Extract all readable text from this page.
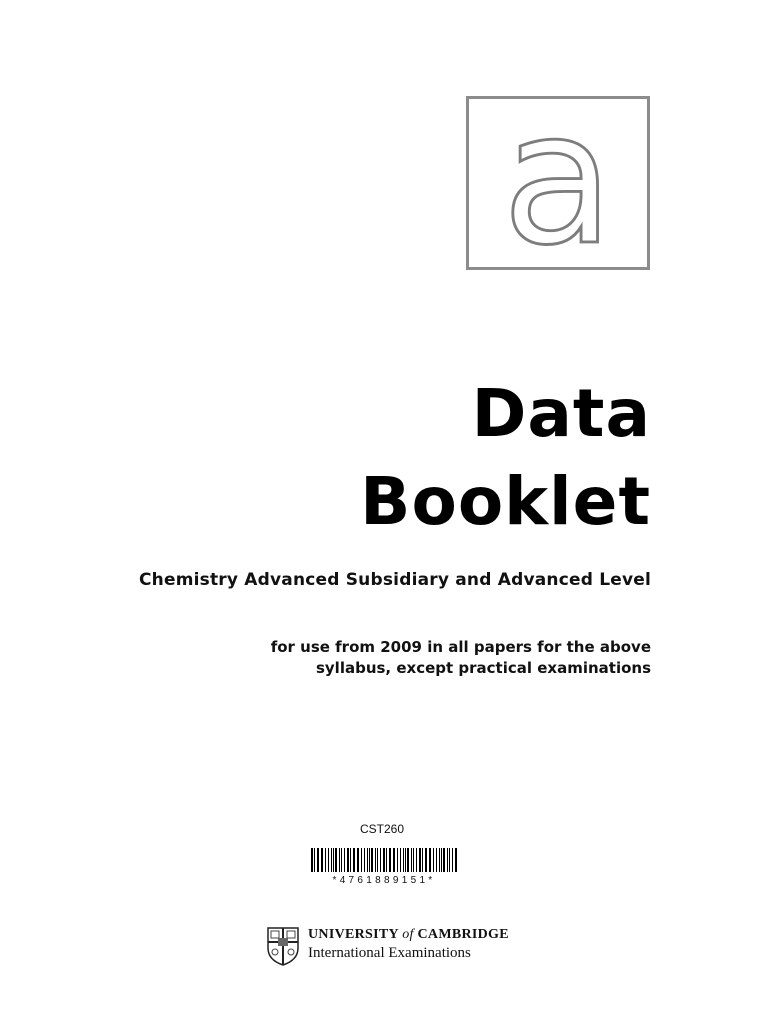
a
Data
Booklet
Chemistry Advanced Subsidiary and Advanced Level
for use from 2009 in all papers for the above
syllabus, except practical examinations
CST260
*4761889151*
UNIVERSITY of CAMBRIDGE
International Examinations
